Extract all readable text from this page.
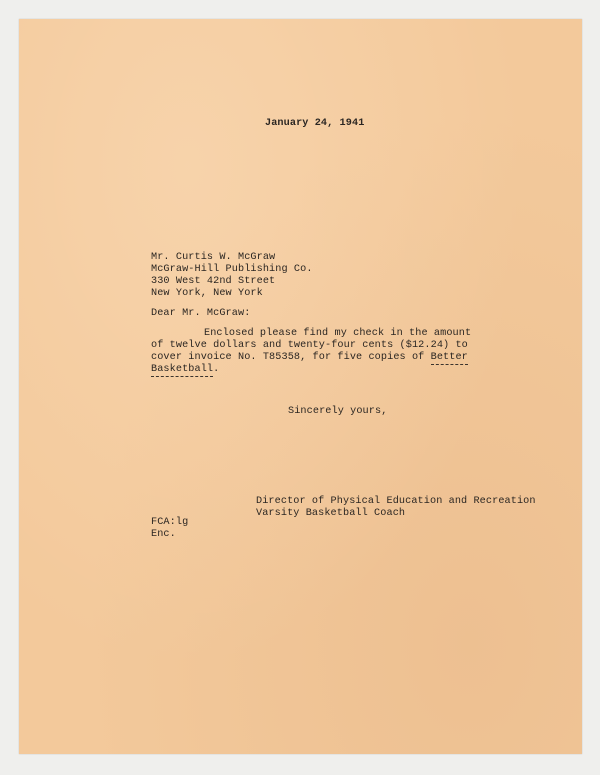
January 24, 1941
Mr. Curtis W. McGraw
McGraw-Hill Publishing Co.
330 West 42nd Street
New York, New York
Dear Mr. McGraw:
Enclosed please find my check in the amount
of twelve dollars and twenty-four cents ($12.24) to
cover invoice No. T85358, for five copies of Better
Basketball.
Sincerely yours,
Director of Physical Education and Recreation
Varsity Basketball Coach
FCA:lg
Enc.
